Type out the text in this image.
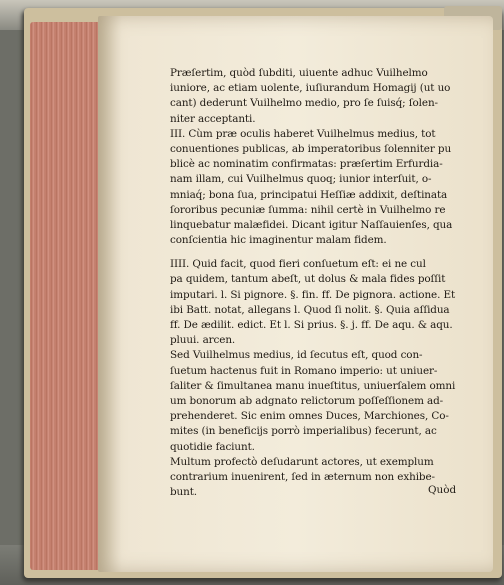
Præſertim, quòd ſubditi, uiuente adhuc Vuilhelmo
iuniore, ac etiam uolente, iuſiurandum Homagij (ut uo
cant) dederunt Vuilhelmo medio, pro ſe ſuisq́; ſolen-
niter acceptanti.
III. Cùm præ oculis haberet Vuilhelmus medius, tot
conuentiones publicas, ab imperatoribus ſolenniter pu
blicè ac nominatim confirmatas: præſertim Erfurdia-
nam illam, cui Vuilhelmus quoq; iunior interſuit, o-
mniaq́; bona ſua, principatui Heſſiæ addixit, deſtinata
ſororibus pecuniæ ſumma: nihil certè in Vuilhelmo re
linquebatur malæfidei. Dicant igitur Naſſauienſes, qua
conſcientia hic imaginentur malam fidem.
IIII. Quid facit, quod fieri conſuetum eſt: ei ne cul
pa quidem, tantum abeſt, ut dolus & mala fides poſſit
imputari. l. Si pignore. §. fin. ff. De pignora. actione. Et
ibi Batt. notat, allegans l. Quod ſi nolit. §. Quia aſſidua
ff. De ædilit. edict. Et l. Si prius. §. j. ff. De aqu. & aqu.
pluui. arcen.
Sed Vuilhelmus medius, id ſecutus eſt, quod con-
ſuetum hactenus fuit in Romano imperio: ut uniuer-
ſaliter & ſimultanea manu inueſtitus, uniuerſalem omni
um bonorum ab adgnato relictorum poſſeſſionem ad-
prehenderet. Sic enim omnes Duces, Marchiones, Co-
mites (in beneficijs porrò imperialibus) fecerunt, ac
quotidie faciunt.
Multum profectò deſudarunt actores, ut exemplum
contrarium inuenirent, ſed in æternum non exhibe-
bunt.	Quòd
